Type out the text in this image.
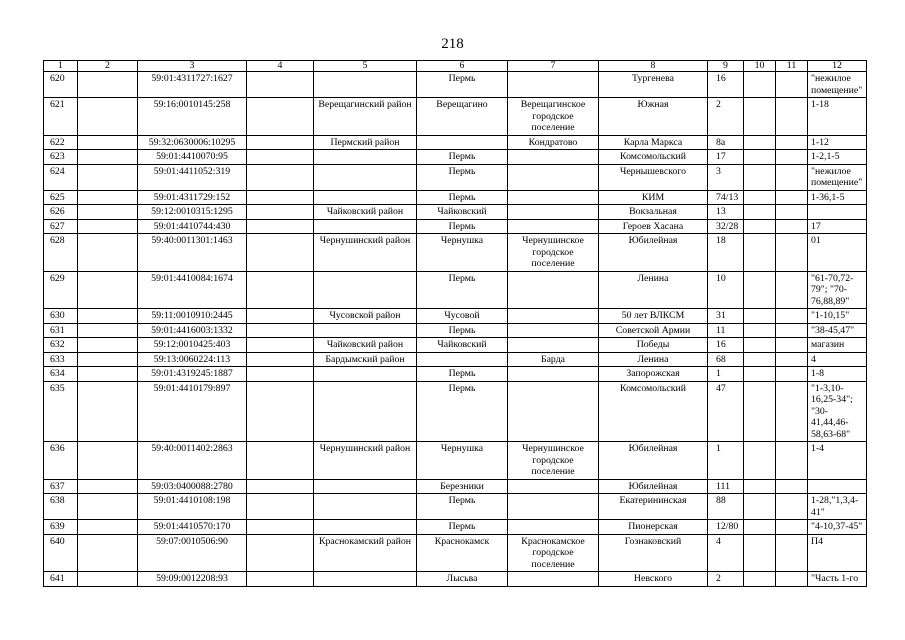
218
1	2	3	4	5	6	7	8	9	10	11	12
620		59:01:4311727:1627			Пермь		Тургенева	16			"нежилое помещение"
621		59:16:0010145:258		Верещагинский район	Верещагино	Верещагинское городское поселение	Южная	2			1-18
622		59:32:0630006:10295		Пермский район		Кондратово	Карла Маркса	8а			1-12
623		59:01:4410070:95			Пермь		Комсомольский	17			1-2,1-5
624		59:01:4411052:319			Пермь		Чернышевского	3			"нежилое помещение"
625		59:01:4311729:152			Пермь		КИМ	74/13			1-36,1-5
626		59:12:0010315:1295		Чайковский район	Чайковский		Вокзальная	13			
627		59:01:4410744:430			Пермь		Героев Хасана	32/28			17
628		59:40:0011301:1463		Чернушинский район	Чернушка	Чернушинское городское поселение	Юбилейная	18			01
629		59:01:4410084:1674			Пермь		Ленина	10			"61-70,72-79"; "70-76,88,89"
630		59:11:0010910:2445		Чусовской район	Чусовой		50 лет ВЛКСМ	31			"1-10,15"
631		59:01:4416003:1332			Пермь		Советской Армии	11			"38-45,47"
632		59:12:0010425:403		Чайковский район	Чайковский		Победы	16			магазин
633		59:13:0060224:113		Бардымский район		Барда	Ленина	68			4
634		59:01:4319245:1887			Пермь		Запорожская	1			1-8
635		59:01:4410179:897			Пермь		Комсомольский	47			"1-3,10-16,25-34"; "30-41,44,46-58,63-68"
636		59:40:0011402:2863		Чернушинский район	Чернушка	Чернушинское городское поселение	Юбилейная	1			1-4
637		59:03:0400088:2780			Березники		Юбилейная	111			
638		59:01:4410108:198			Пермь		Екатерининская	88			1-28,"1,3,4-41"
639		59:01:4410570:170			Пермь		Пионерская	12/80			"4-10,37-45"
640		59:07:0010506:90		Краснокамский район	Краснокамск	Краснокамское городское поселение	Гознаковский	4			П4
641		59:09:0012208:93			Лысьва		Невского	2			"Часть 1-го
